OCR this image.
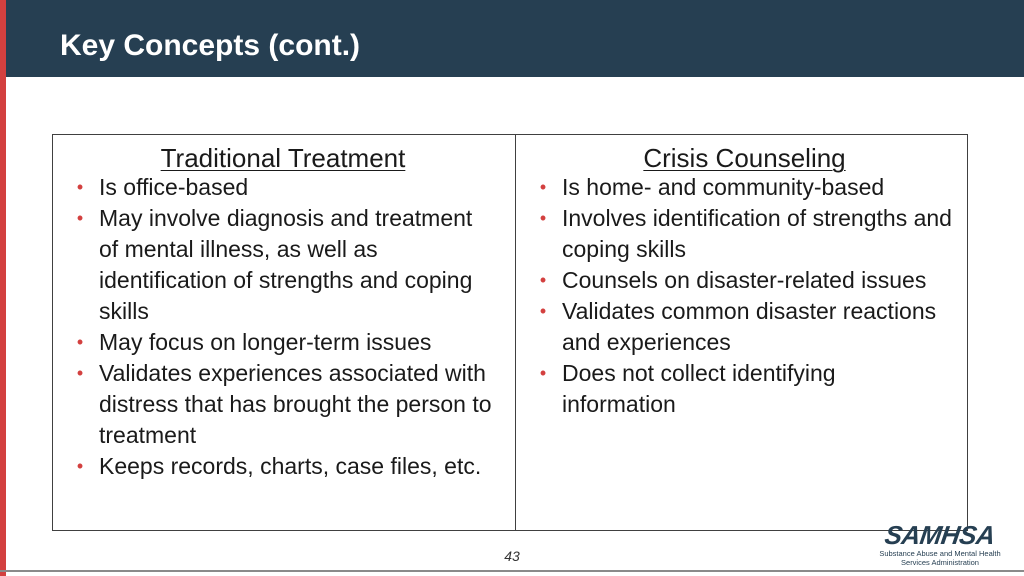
Key Concepts (cont.)
Traditional Treatment
• Is office-based
• May involve diagnosis and treatment of mental illness, as well as identification of strengths and coping skills
• May focus on longer-term issues
• Validates experiences associated with distress that has brought the person to treatment
• Keeps records, charts, case files, etc.
Crisis Counseling
• Is home- and community-based
• Involves identification of strengths and coping skills
• Counsels on disaster-related issues
• Validates common disaster reactions and experiences
• Does not collect identifying information
43
SAMHSA
Substance Abuse and Mental Health
Services Administration
